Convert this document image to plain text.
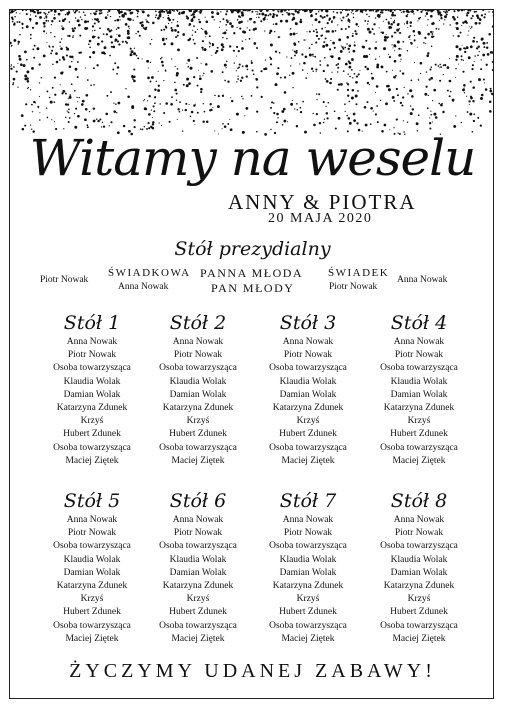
Witamy na weselu
ANNY & PIOTRA
20 MAJA 2020
Stół prezydialny
Piotr Nowak
ŚWIADKOWA
Anna Nowak
PANNA MŁODA
PAN MŁODY
ŚWIADEK
Piotr Nowak
Anna Nowak
Stół 1
Anna Nowak
Piotr Nowak
Osoba towarzysząca
Klaudia Wolak
Damian Wolak
Katarzyna Zdunek
Krzyś
Hubert Zdunek
Osoba towarzysząca
Maciej Ziętek
Stół 2
Anna Nowak
Piotr Nowak
Osoba towarzysząca
Klaudia Wolak
Damian Wolak
Katarzyna Zdunek
Krzyś
Hubert Zdunek
Osoba towarzysząca
Maciej Ziętek
Stół 3
Anna Nowak
Piotr Nowak
Osoba towarzysząca
Klaudia Wolak
Damian Wolak
Katarzyna Zdunek
Krzyś
Hubert Zdunek
Osoba towarzysząca
Maciej Ziętek
Stół 4
Anna Nowak
Piotr Nowak
Osoba towarzysząca
Klaudia Wolak
Damian Wolak
Katarzyna Zdunek
Krzyś
Hubert Zdunek
Osoba towarzysząca
Maciej Ziętek
Stół 5
Anna Nowak
Piotr Nowak
Osoba towarzysząca
Klaudia Wolak
Damian Wolak
Katarzyna Zdunek
Krzyś
Hubert Zdunek
Osoba towarzysząca
Maciej Ziętek
Stół 6
Anna Nowak
Piotr Nowak
Osoba towarzysząca
Klaudia Wolak
Damian Wolak
Katarzyna Zdunek
Krzyś
Hubert Zdunek
Osoba towarzysząca
Maciej Ziętek
Stół 7
Anna Nowak
Piotr Nowak
Osoba towarzysząca
Klaudia Wolak
Damian Wolak
Katarzyna Zdunek
Krzyś
Hubert Zdunek
Osoba towarzysząca
Maciej Ziętek
Stół 8
Anna Nowak
Piotr Nowak
Osoba towarzysząca
Klaudia Wolak
Damian Wolak
Katarzyna Zdunek
Krzyś
Hubert Zdunek
Osoba towarzysząca
Maciej Ziętek
ŻYCZYMY UDANEJ ZABAWY!
